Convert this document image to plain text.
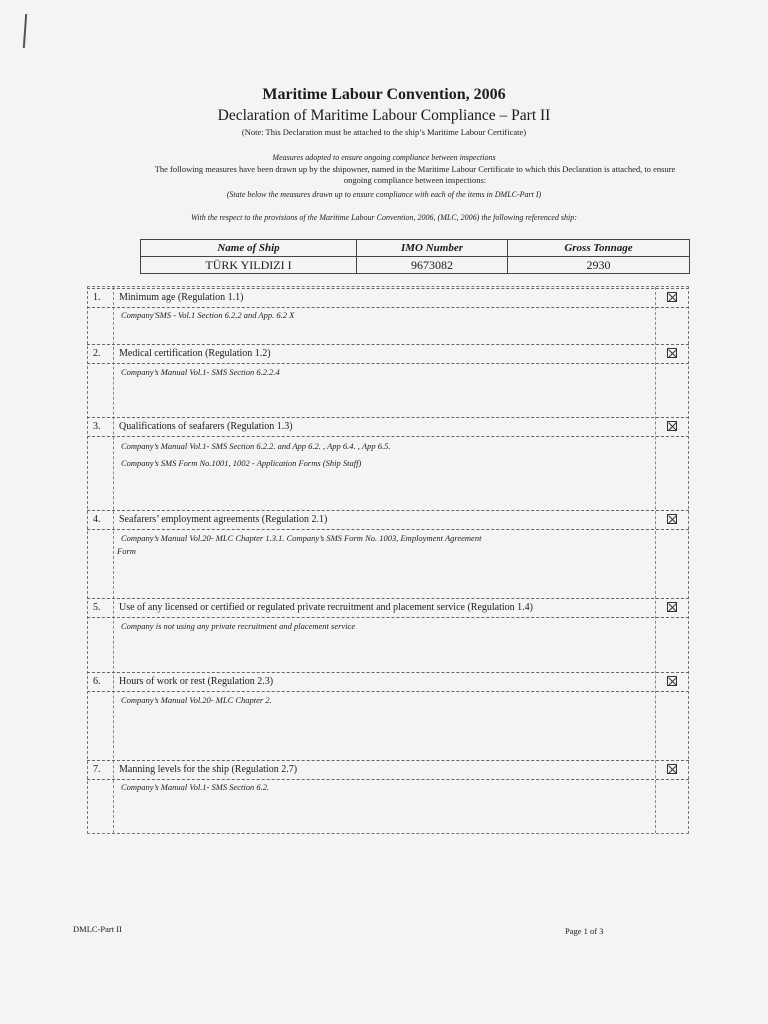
Maritime Labour Convention, 2006
Declaration of Maritime Labour Compliance – Part II
(Note: This Declaration must be attached to the ship’s Maritime Labour Certificate)
Measures adopted to ensure ongoing compliance between inspections
The following measures have been drawn up by the shipowner, named in the Maritime Labour Certificate to which this Declaration is attached, to ensure ongoing compliance between inspections:
(State below the measures drawn up to ensure compliance with each of the items in DMLC-Part I)
With the respect to the provisions of the Maritime Labour Convention, 2006, (MLC, 2006) the following referenced ship:
Name of Ship	IMO Number	Gross Tonnage
TÜRK YILDIZI I	9673082	2930
1. Minimum age (Regulation 1.1)
Company'SMS - Vol.1 Section 6.2.2 and App. 6.2 X
2. Medical certification (Regulation 1.2)
Company’s Manual Vol.1- SMS Section 6.2.2.4
3. Qualifications of seafarers (Regulation 1.3)
Company’s Manual Vol.1- SMS Section 6.2.2. and App 6.2. , App 6.4. , App 6.5.
Company’s SMS Form No.1001, 1002 - Application Forms (Ship Staff)
4. Seafarers’ employment agreements (Regulation 2.1)
Company’s Manual Vol.20- MLC Chapter 1.3.1. Company’s SMS Form No. 1003, Employment Agreement
Form
5. Use of any licensed or certified or regulated private recruitment and placement service (Regulation 1.4)
Company is not using any private recruitment and placement service
6. Hours of work or rest (Regulation 2.3)
Company’s Manual Vol.20- MLC Chapter 2.
7. Manning levels for the ship (Regulation 2.7)
Company’s Manual Vol.1- SMS Section 6.2.
DMLC-Part II	Page 1 of 3
